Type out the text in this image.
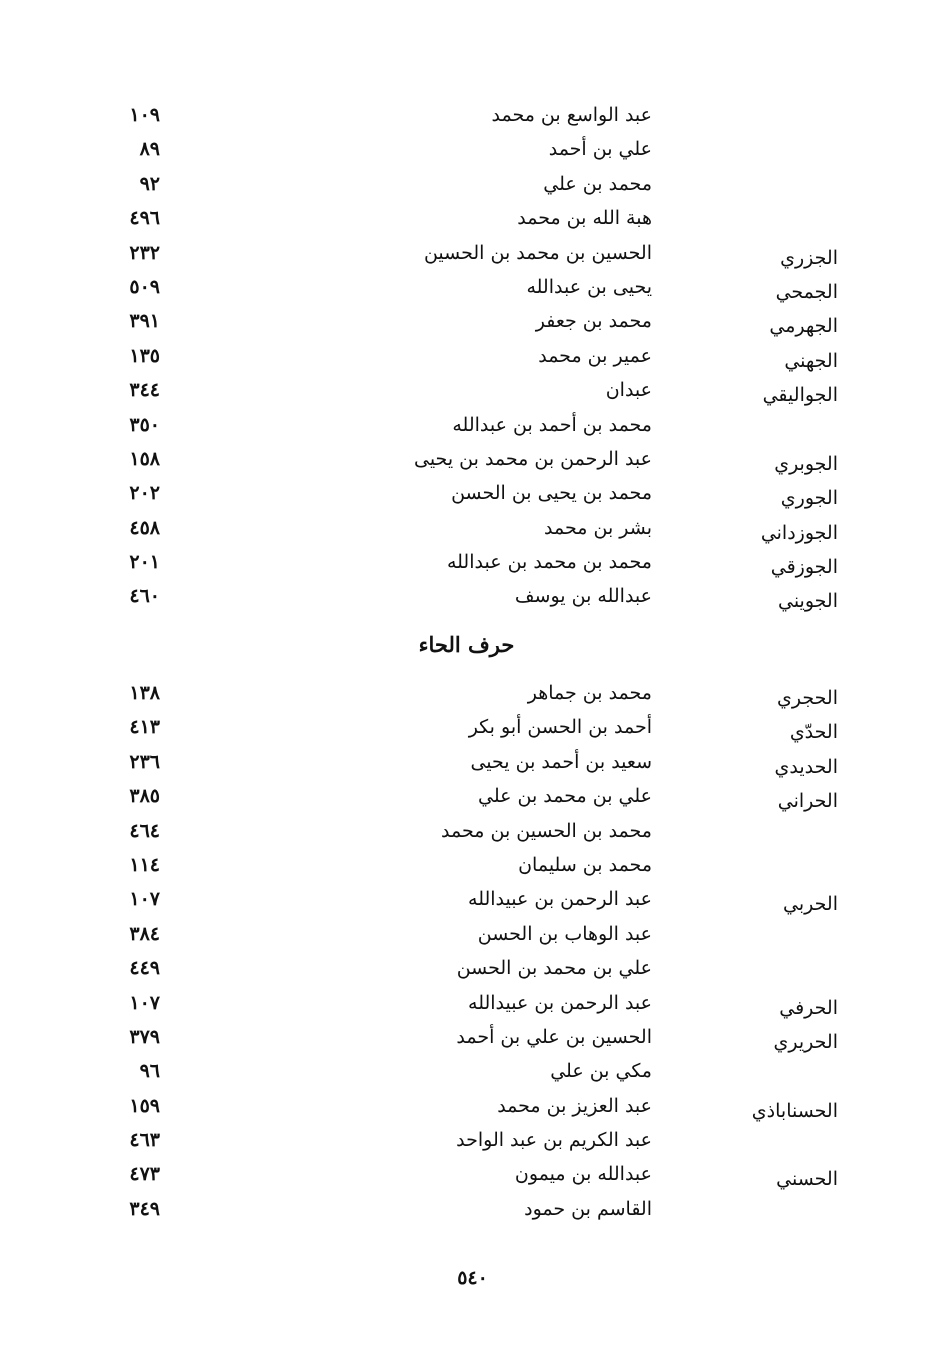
عبد الواسع بن محمد
١٠٩
علي بن أحمد
٨٩
محمد بن علي
٩٢
هبة الله بن محمد
٤٩٦
الجزري
الحسين بن محمد بن الحسين
٢٣٢
الجمحي
يحيى بن عبدالله
٥٠٩
الجهرمي
محمد بن جعفر
٣٩١
الجهني
عمير بن محمد
١٣٥
الجواليقي
عبدان
٣٤٤
محمد بن أحمد بن عبدالله
٣٥٠
الجوبري
عبد الرحمن بن محمد بن يحيى
١٥٨
الجوري
محمد بن يحيى بن الحسن
٢٠٢
الجوزداني
بشر بن محمد
٤٥٨
الجوزقي
محمد بن محمد بن عبدالله
٢٠١
الجويني
عبدالله بن يوسف
٤٦٠
حرف الحاء
الحجري
محمد بن جماهر
١٣٨
الحدّي
أحمد بن الحسن أبو بكر
٤١٣
الحديدي
سعيد بن أحمد بن يحيى
٢٣٦
الحراني
علي بن محمد بن علي
٣٨٥
محمد بن الحسين بن محمد
٤٦٤
محمد بن سليمان
١١٤
الحربي
عبد الرحمن بن عبيدالله
١٠٧
عبد الوهاب بن الحسن
٣٨٤
علي بن محمد بن الحسن
٤٤٩
الحرفي
عبد الرحمن بن عبيدالله
١٠٧
الحريري
الحسين بن علي بن أحمد
٣٧٩
مكي بن علي
٩٦
الحسناباذي
عبد العزيز بن محمد
١٥٩
عبد الكريم بن عبد الواحد
٤٦٣
الحسني
عبدالله بن ميمون
٤٧٣
القاسم بن حمود
٣٤٩
٥٤٠
